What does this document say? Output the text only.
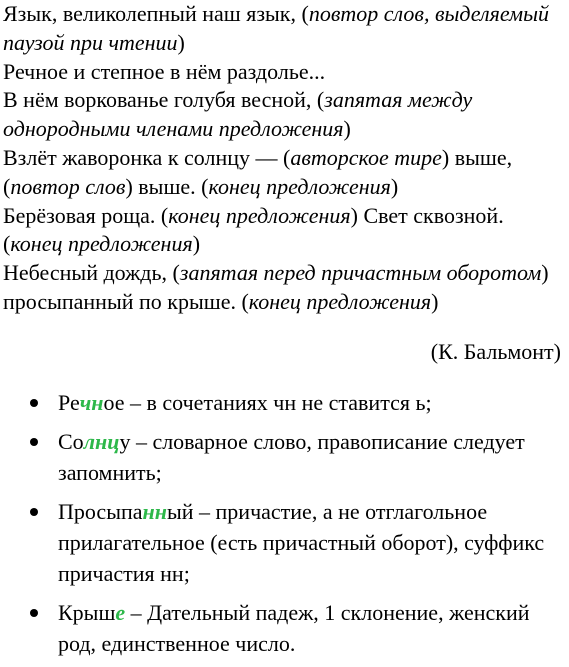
Язык, великолепный наш язык, (повтор слов, выделяемый
паузой при чтении)
Речное и степное в нём раздолье...
В нём воркованье голубя весной, (запятая между
однородными членами предложения)
Взлёт жаворонка к солнцу — (авторское тире) выше,
(повтор слов) выше. (конец предложения)
Берёзовая роща. (конец предложения) Свет сквозной.
(конец предложения)
Небесный дождь, (запятая перед причастным оборотом)
просыпанный по крыше. (конец предложения)
(К. Бальмонт)
Речное – в сочетаниях чн не ставится ь;
Солнцу – словарное слово, правописание следует запомнить;
Просыпанный – причастие, а не отглагольное прилагательное (есть причастный оборот), суффикс причастия нн;
Крыше – Дательный падеж, 1 склонение, женский род, единственное число.
